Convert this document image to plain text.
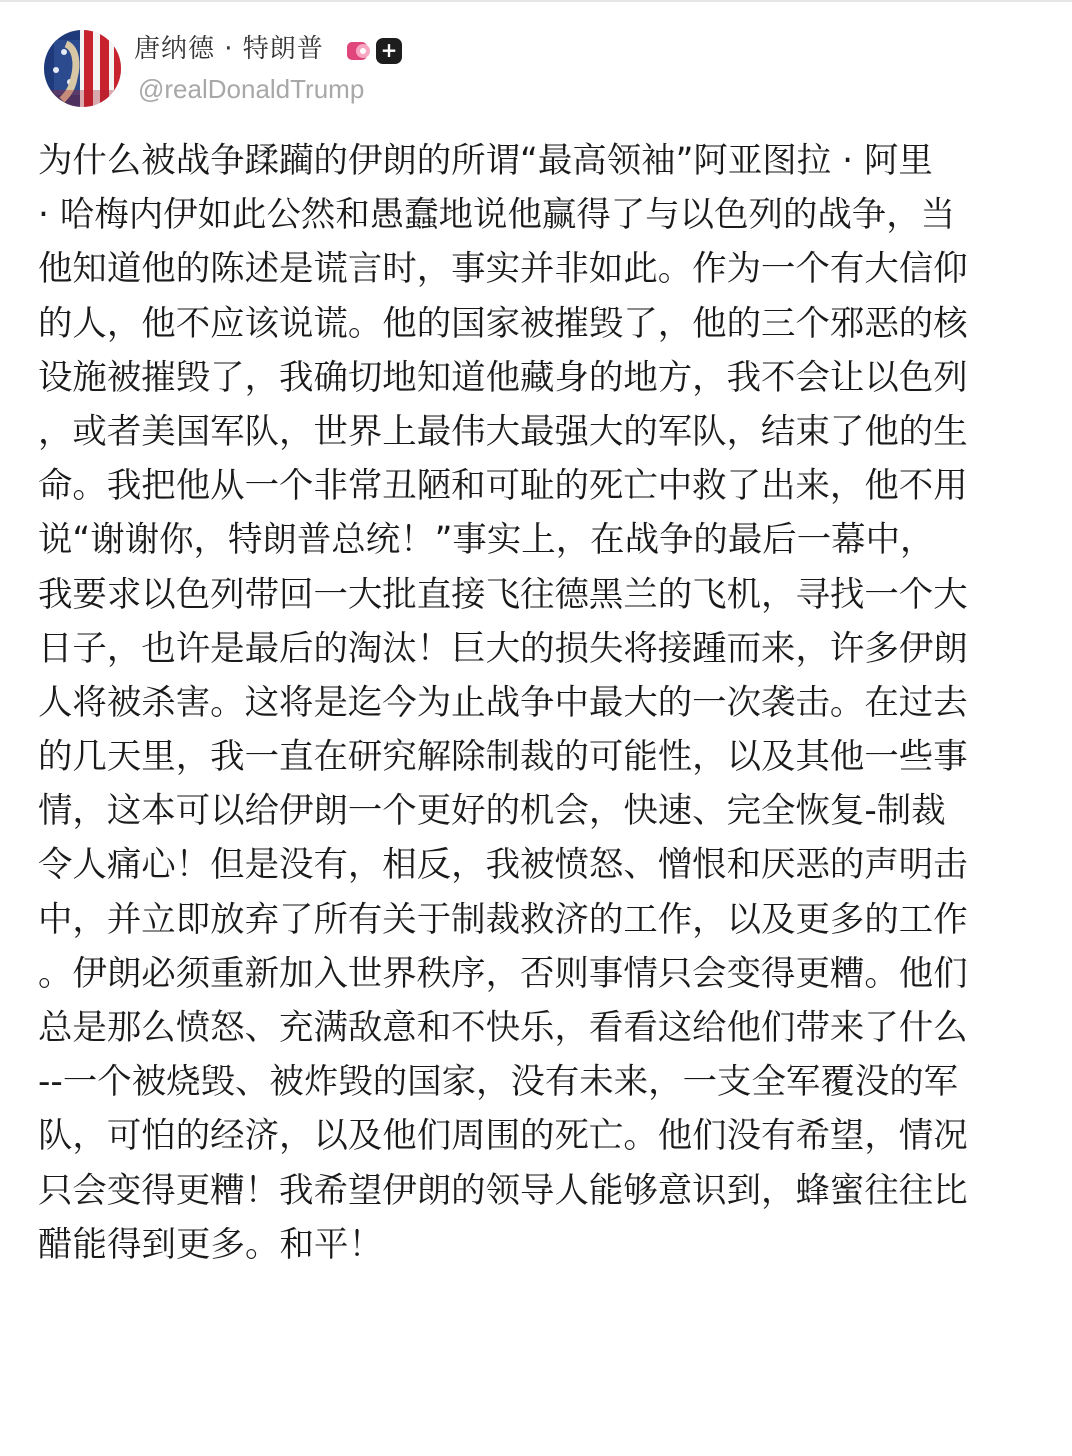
唐纳德 · 特朗普	+
@realDonaldTrump
为什么被战争蹂躏的伊朗的所谓“最高领袖”阿亚图拉 · 阿里
· 哈梅内伊如此公然和愚蠢地说他赢得了与以色列的战争，当
他知道他的陈述是谎言时，事实并非如此。作为一个有大信仰
的人，他不应该说谎。他的国家被摧毁了，他的三个邪恶的核
设施被摧毁了，我确切地知道他藏身的地方，我不会让以色列
，或者美国军队，世界上最伟大最强大的军队，结束了他的生
命。我把他从一个非常丑陋和可耻的死亡中救了出来，他不用
说“谢谢你，特朗普总统！”事实上，在战争的最后一幕中，
我要求以色列带回一大批直接飞往德黑兰的飞机，寻找一个大
日子，也许是最后的淘汰！巨大的损失将接踵而来，许多伊朗
人将被杀害。这将是迄今为止战争中最大的一次袭击。在过去
的几天里，我一直在研究解除制裁的可能性，以及其他一些事
情，这本可以给伊朗一个更好的机会，快速、完全恢复-制裁
令人痛心！但是没有，相反，我被愤怒、憎恨和厌恶的声明击
中，并立即放弃了所有关于制裁救济的工作，以及更多的工作
。伊朗必须重新加入世界秩序，否则事情只会变得更糟。他们
总是那么愤怒、充满敌意和不快乐，看看这给他们带来了什么
--一个被烧毁、被炸毁的国家，没有未来，一支全军覆没的军
队，可怕的经济，以及他们周围的死亡。他们没有希望，情况
只会变得更糟！我希望伊朗的领导人能够意识到，蜂蜜往往比
醋能得到更多。和平！
